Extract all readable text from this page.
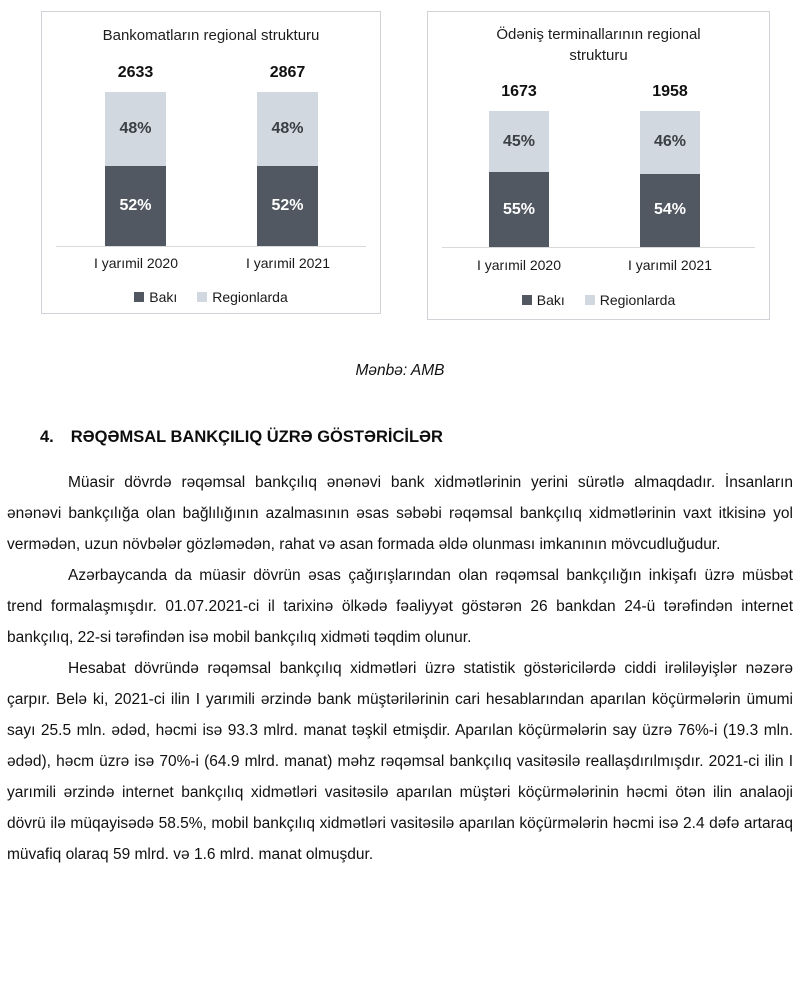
Bankomatların regional strukturu
2633
48%
52%
2867
48%
52%
I yarımil 2020	I yarımil 2021
Bakı	Regionlarda
Ödəniş terminallarının regional strukturu
1673
45%
55%
1958
46%
54%
I yarımil 2020	I yarımil 2021
Bakı	Regionlarda
Mənbə: AMB
4. RƏQƏMSAL BANKÇILIQ ÜZRƏ GÖSTƏRİCİLƏR

Müasir dövrdə rəqəmsal bankçılıq ənənəvi bank xidmətlərinin yerini sürətlə almaqdadır. İnsanların ənənəvi bankçılığa olan bağlılığının azalmasının əsas səbəbi rəqəmsal bankçılıq xidmətlərinin vaxt itkisinə yol vermədən, uzun növbələr gözləmədən, rahat və asan formada əldə olunması imkanının mövcudluğudur.

Azərbaycanda da müasir dövrün əsas çağırışlarından olan rəqəmsal bankçılığın inkişafı üzrə müsbət trend formalaşmışdır. 01.07.2021-ci il tarixinə ölkədə fəaliyyət göstərən 26 bankdan 24-ü tərəfindən internet bankçılıq, 22-si tərəfindən isə mobil bankçılıq xidməti təqdim olunur.

Hesabat dövründə rəqəmsal bankçılıq xidmətləri üzrə statistik göstəricilərdə ciddi irəliləyişlər nəzərə çarpır. Belə ki, 2021-ci ilin I yarımili ərzində bank müştərilərinin cari hesablarından aparılan köçürmələrin ümumi sayı 25.5 mln. ədəd, həcmi isə 93.3 mlrd. manat təşkil etmişdir. Aparılan köçürmələrin say üzrə 76%-i (19.3 mln. ədəd), həcm üzrə isə 70%-i (64.9 mlrd. manat) məhz rəqəmsal bankçılıq vasitəsilə reallaşdırılmışdır. 2021-ci ilin I yarımili ərzində internet bankçılıq xidmətləri vasitəsilə aparılan müştəri köçürmələrinin həcmi ötən ilin analaoji dövrü ilə müqayisədə 58.5%, mobil bankçılıq xidmətləri vasitəsilə aparılan köçürmələrin həcmi isə 2.4 dəfə artaraq müvafiq olaraq 59 mlrd. və 1.6 mlrd. manat olmuşdur.
